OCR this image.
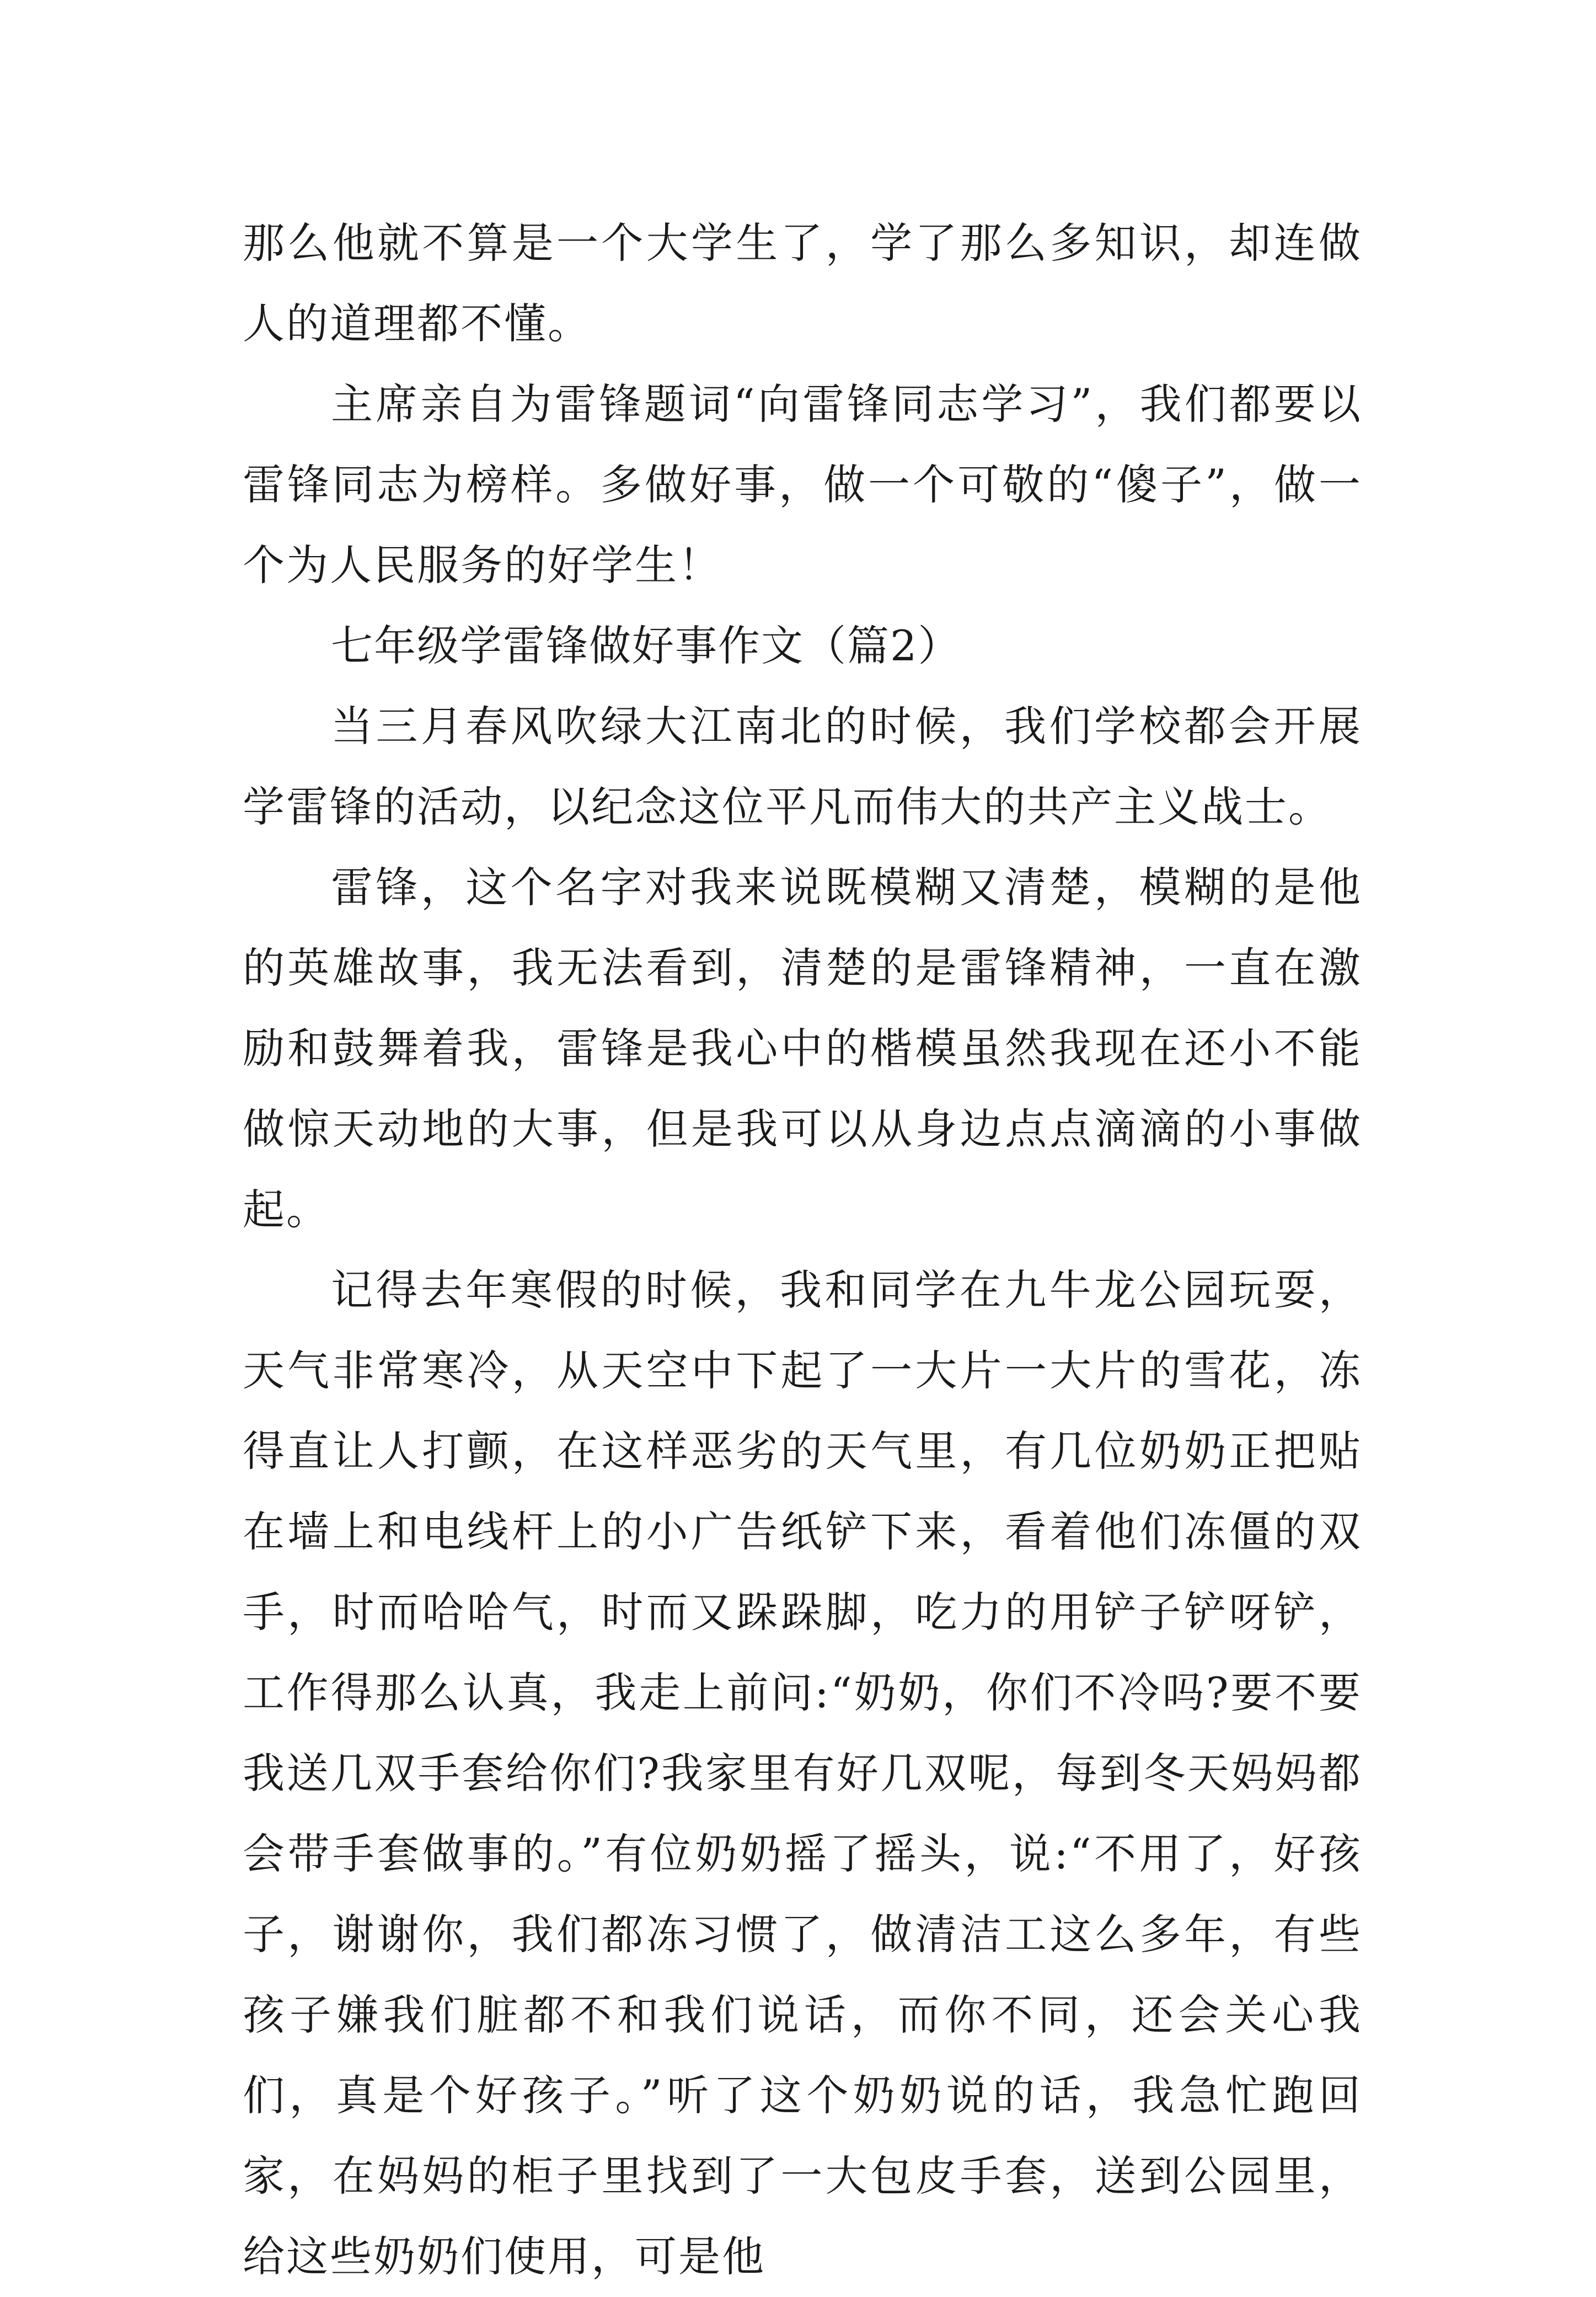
那么他就不算是一个大学生了，学了那么多知识，却连做人的道理都不懂。

主席亲自为雷锋题词“向雷锋同志学习”，我们都要以雷锋同志为榜样。多做好事，做一个可敬的“傻子”，做一个为人民服务的好学生！

七年级学雷锋做好事作文（篇2）

当三月春风吹绿大江南北的时候，我们学校都会开展学雷锋的活动，以纪念这位平凡而伟大的共产主义战士。

雷锋，这个名字对我来说既模糊又清楚，模糊的是他的英雄故事，我无法看到，清楚的是雷锋精神，一直在激励和鼓舞着我，雷锋是我心中的楷模虽然我现在还小不能做惊天动地的大事，但是我可以从身边点点滴滴的小事做起。

记得去年寒假的时候，我和同学在九牛龙公园玩耍，天气非常寒冷，从天空中下起了一大片一大片的雪花，冻得直让人打颤，在这样恶劣的天气里，有几位奶奶正把贴在墙上和电线杆上的小广告纸铲下来，看着他们冻僵的双手，时而哈哈气，时而又跺跺脚，吃力的用铲子铲呀铲，工作得那么认真，我走上前问:“奶奶，你们不冷吗?要不要我送几双手套给你们?我家里有好几双呢，每到冬天妈妈都会带手套做事的。”有位奶奶摇了摇头，说:“不用了，好孩子，谢谢你，我们都冻习惯了，做清洁工这么多年，有些孩子嫌我们脏都不和我们说话，而你不同，还会关心我们，真是个好孩子。”听了这个奶奶说的话，我急忙跑回家，在妈妈的柜子里找到了一大包皮手套，送到公园里，给这些奶奶们使用，可是他
